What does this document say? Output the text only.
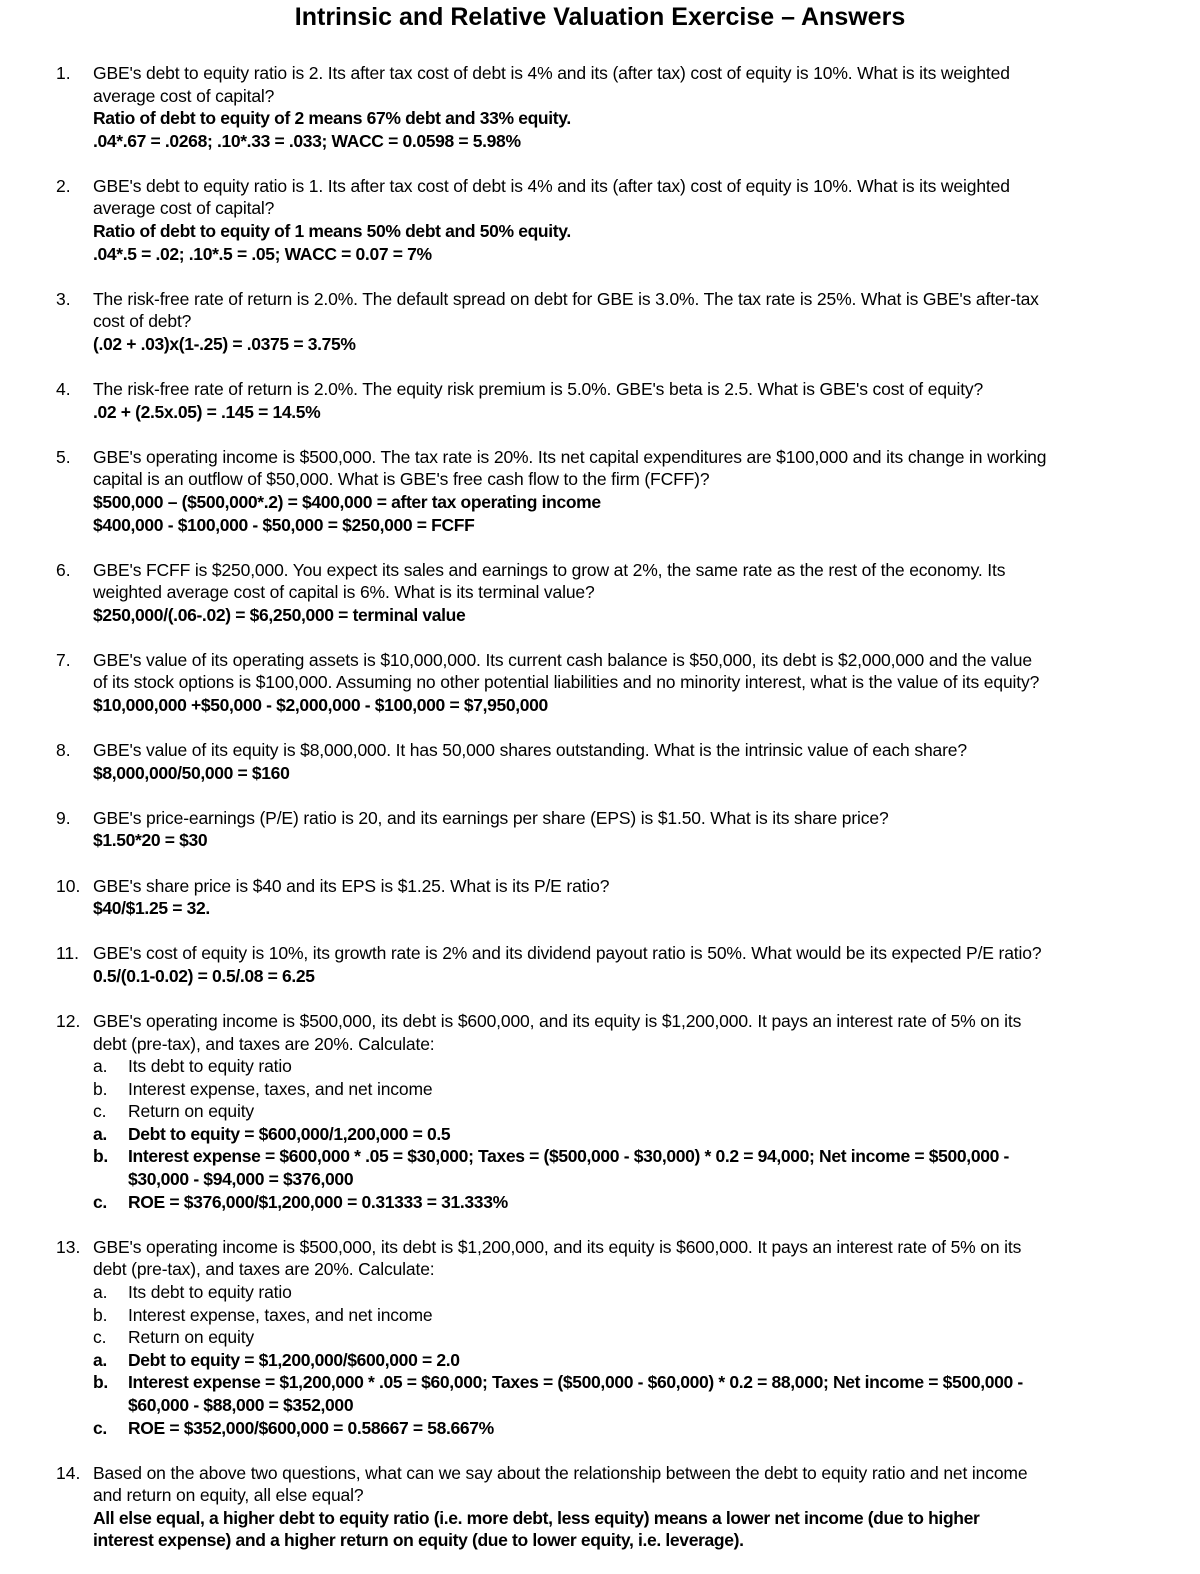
Intrinsic and Relative Valuation Exercise – Answers
1.	GBE's debt to equity ratio is 2. Its after tax cost of debt is 4% and its (after tax) cost of equity is 10%. What is its weighted
average cost of capital?
Ratio of debt to equity of 2 means 67% debt and 33% equity.
.04*.67 = .0268; .10*.33 = .033; WACC = 0.0598 = 5.98%
2.	GBE's debt to equity ratio is 1. Its after tax cost of debt is 4% and its (after tax) cost of equity is 10%. What is its weighted
average cost of capital?
Ratio of debt to equity of 1 means 50% debt and 50% equity.
.04*.5 = .02; .10*.5 = .05; WACC = 0.07 = 7%
3.	The risk-free rate of return is 2.0%. The default spread on debt for GBE is 3.0%. The tax rate is 25%. What is GBE's after-tax
cost of debt?
(.02 + .03)x(1-.25) = .0375 = 3.75%
4.	The risk-free rate of return is 2.0%. The equity risk premium is 5.0%. GBE's beta is 2.5. What is GBE's cost of equity?
.02 + (2.5x.05) = .145 = 14.5%
5.	GBE's operating income is $500,000. The tax rate is 20%. Its net capital expenditures are $100,000 and its change in working
capital is an outflow of $50,000. What is GBE's free cash flow to the firm (FCFF)?
$500,000 – ($500,000*.2) = $400,000 = after tax operating income
$400,000 - $100,000 - $50,000 = $250,000 = FCFF
6.	GBE's FCFF is $250,000. You expect its sales and earnings to grow at 2%, the same rate as the rest of the economy. Its
weighted average cost of capital is 6%. What is its terminal value?
$250,000/(.06-.02) = $6,250,000 = terminal value
7.	GBE's value of its operating assets is $10,000,000. Its current cash balance is $50,000, its debt is $2,000,000 and the value
of its stock options is $100,000. Assuming no other potential liabilities and no minority interest, what is the value of its equity?
$10,000,000 +$50,000 - $2,000,000 - $100,000 = $7,950,000
8.	GBE's value of its equity is $8,000,000. It has 50,000 shares outstanding. What is the intrinsic value of each share?
$8,000,000/50,000 = $160
9.	GBE's price-earnings (P/E) ratio is 20, and its earnings per share (EPS) is $1.50. What is its share price?
$1.50*20 = $30
10. GBE's share price is $40 and its EPS is $1.25. What is its P/E ratio?
$40/$1.25 = 32.
11. GBE's cost of equity is 10%, its growth rate is 2% and its dividend payout ratio is 50%. What would be its expected P/E ratio?
0.5/(0.1-0.02) = 0.5/.08 = 6.25
12. GBE's operating income is $500,000, its debt is $600,000, and its equity is $1,200,000. It pays an interest rate of 5% on its
debt (pre-tax), and taxes are 20%. Calculate:
a. Its debt to equity ratio
b. Interest expense, taxes, and net income
c. Return on equity
a. Debt to equity = $600,000/1,200,000 = 0.5
b. Interest expense = $600,000 * .05 = $30,000; Taxes = ($500,000 - $30,000) * 0.2 = 94,000; Net income = $500,000 -
$30,000 - $94,000 = $376,000
c. ROE = $376,000/$1,200,000 = 0.31333 = 31.333%
13. GBE's operating income is $500,000, its debt is $1,200,000, and its equity is $600,000. It pays an interest rate of 5% on its
debt (pre-tax), and taxes are 20%. Calculate:
a. Its debt to equity ratio
b. Interest expense, taxes, and net income
c. Return on equity
a. Debt to equity = $1,200,000/$600,000 = 2.0
b. Interest expense = $1,200,000 * .05 = $60,000; Taxes = ($500,000 - $60,000) * 0.2 = 88,000; Net income = $500,000 -
$60,000 - $88,000 = $352,000
c. ROE = $352,000/$600,000 = 0.58667 = 58.667%
14. Based on the above two questions, what can we say about the relationship between the debt to equity ratio and net income
and return on equity, all else equal?
All else equal, a higher debt to equity ratio (i.e. more debt, less equity) means a lower net income (due to higher
interest expense) and a higher return on equity (due to lower equity, i.e. leverage).
